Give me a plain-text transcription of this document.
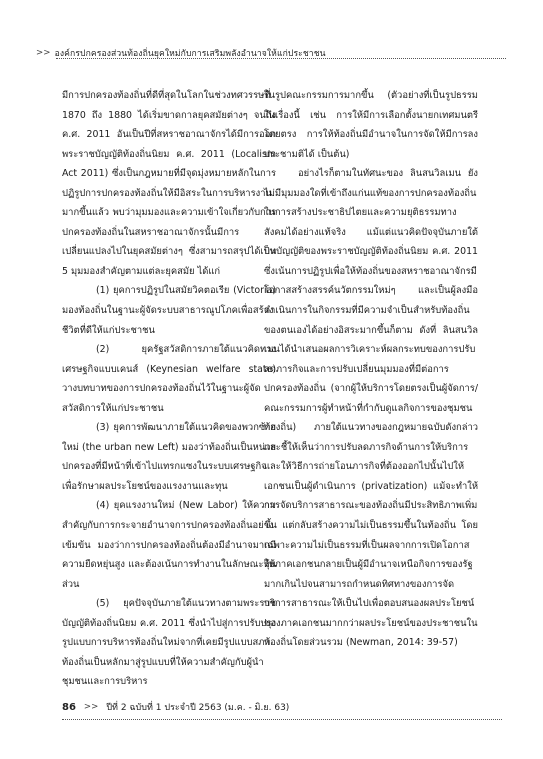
>> องค์กรปกครองส่วนท้องถิ่นยุคใหม่กับการเสริมพลังอำนาจให้แก่ประชาชน

มีการปกครองท้องถิ่นที่ดีที่สุดในโลกในช่วงทศวรรษที่ 1870 ถึง 1880 ได้เริ่มขาดกาลยุคสมัยต่างๆ จนถึง ค.ศ. 2011 อันเป็นปีที่สหราชอาณาจักรได้มีการออกพระราชบัญญัติท้องถิ่นนิยม ค.ศ. 2011 (Localism Act 2011) ซึ่งเป็นกฎหมายที่มีจุดมุ่งหมายหลักในการปฏิรูปการปกครองท้องถิ่นให้มีอิสระในการบริหารงานมากขึ้นแล้ว พบว่ามุมมองและความเข้าใจเกี่ยวกับการปกครองท้องถิ่นในสหราชอาณาจักรนั้นมีการเปลี่ยนแปลงไปในยุคสมัยต่างๆ ซึ่งสามารถสรุปได้เป็น 5 มุมมองสำคัญตามแต่ละยุคสมัย ได้แก่

(1) ยุคการปฏิรูปในสมัยวิคตอเรีย (Victoria) มองท้องถิ่นในฐานะผู้จัดระบบสาธารณูปโภคเพื่อสร้างชีวิตที่ดีให้แก่ประชาชน

(2) ยุครัฐสวัสดิการภายใต้แนวคิดทางเศรษฐกิจแบบเคนส์ (Keynesian welfare state) วางบทบาทของการปกครองท้องถิ่นไว้ในฐานะผู้จัดสวัสดิการให้แก่ประชาชน

(3) ยุคการพัฒนาภายใต้แนวคิดของพวกซ้ายใหม่ (the urban new Left) มองว่าท้องถิ่นเป็นหน่วยปกครองที่มีหน้าที่เข้าไปแทรกแซงในระบบเศรษฐกิจเพื่อรักษาผลประโยชน์ของแรงงานและทุน

(4) ยุคแรงงานใหม่ (New Labor) ให้ความสำคัญกับการกระจายอำนาจการปกครองท้องถิ่นอย่างเข้มข้น มองว่าการปกครองท้องถิ่นต้องมีอำนาจมากมีความยืดหยุ่นสูง และต้องเน้นการทำงานในลักษณะหุ้นส่วน

(5) ยุคปัจจุบันภายใต้แนวทางตามพระราชบัญญัติท้องถิ่นนิยม ค.ศ. 2011 ซึ่งนำไปสู่การปรับปรุงรูปแบบการบริหารท้องถิ่นใหม่จากที่เคยมีรูปแบบสภาท้องถิ่นเป็นหลักมาสู่รูปแบบที่ให้ความสำคัญกับผู้นำชุมชนและการบริหาร

ในรูปคณะกรรมการมากขึ้น (ตัวอย่างที่เป็นรูปธรรมในเรื่องนี้ เช่น การให้มีการเลือกตั้งนายกเทศมนตรีโดยตรง การให้ท้องถิ่นมีอำนาจในการจัดให้มีการลงประชามติได้ เป็นต้น)

อย่างไรก็ตามในทัศนะของ ลินสนวิลเมน ยังไม่มีมุมมองใดที่เข้าถึงแก่นแท้ของการปกครองท้องถิ่นในการสร้างประชาธิปไตยและความยุติธรรมทางสังคมได้อย่างแท้จริง แม้แต่แนวคิดปัจจุบันภายใต้บทบัญญัติของพระราชบัญญัติท้องถิ่นนิยม ค.ศ. 2011 ซึ่งเน้นการปฏิรูปเพื่อให้ท้องถิ่นของสหราชอาณาจักรมีโอกาสสร้างสรรค์นวัตกรรมใหม่ๆ และเป็นผู้ลงมือดำเนินการในกิจกรรมที่มีความจำเป็นสำหรับท้องถิ่นของตนเองได้อย่างอิสระมากขึ้นก็ตาม ดังที่ ลินสนวิลเมนได้นำเสนอผลการวิเคราะห์ผลกระทบของการปรับลดภารกิจและการปรับเปลี่ยนมุมมองที่มีต่อการปกครองท้องถิ่น (จากผู้ให้บริการโดยตรงเป็นผู้จัดการ/คณะกรรมการผู้ทำหน้าที่กำกับดูแลกิจการของชุมชนท้องถิ่น) ภายใต้แนวทางของกฎหมายฉบับดังกล่าว และชี้ให้เห็นว่าการปรับลดภารกิจด้านการให้บริการและให้วิธีการถ่ายโอนภารกิจที่ต้องออกไปนั้นไปให้เอกชนเป็นผู้ดำเนินการ (privatization) แม้จะทำให้การจัดบริการสาธารณะของท้องถิ่นมีประสิทธิภาพเพิ่มขึ้น แต่กลับสร้างความไม่เป็นธรรมขึ้นในท้องถิ่น โดยเฉพาะความไม่เป็นธรรมที่เป็นผลจากการเปิดโอกาสให้ภาคเอกชนกลายเป็นผู้มีอำนาจเหนือกิจการของรัฐมากเกินไปจนสามารถกำหนดทิศทางของการจัดบริการสาธารณะให้เป็นไปเพื่อตอบสนองผลประโยชน์ของภาคเอกชนมากกว่าผลประโยชน์ของประชาชนในท้องถิ่นโดยส่วนรวม (Newman, 2014: 39-57)

86 >> ปีที่ 2 ฉบับที่ 1 ประจำปี 2563 (ม.ค. - มิ.ย. 63)
